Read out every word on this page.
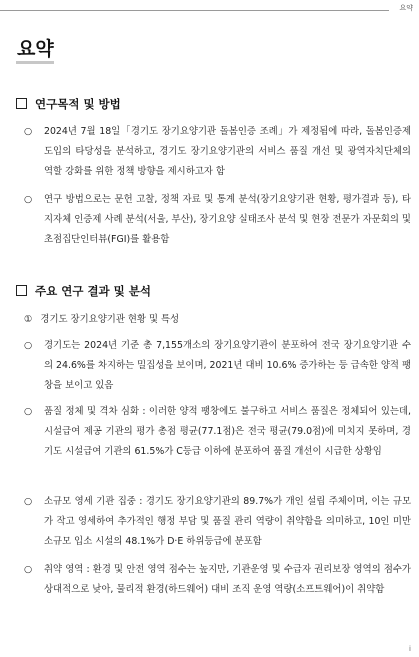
요약
요약
연구목적 및 방법
○	2024년 7월 18일「경기도 장기요양기관 돌봄인증 조례」가 제정됨에 따라, 돌봄인증제 도입의 타당성을 분석하고, 경기도 장기요양기관의 서비스 품질 개선 및 광역자치단체의 역할 강화를 위한 정책 방향을 제시하고자 함
○	연구 방법으로는 문헌 고찰, 정책 자료 및 통계 분석(장기요양기관 현황, 평가결과 등), 타 지자체 인증제 사례 분석(서울, 부산), 장기요양 실태조사 분석 및 현장 전문가 자문회의 및 초점집단인터뷰(FGI)를 활용함
주요 연구 결과 및 분석
① 경기도 장기요양기관 현황 및 특성
○	경기도는 2024년 기준 총 7,155개소의 장기요양기관이 분포하여 전국 장기요양기관 수의 24.6%를 차지하는 밀집성을 보이며, 2021년 대비 10.6% 증가하는 등 급속한 양적 팽창을 보이고 있음
○	품질 정체 및 격차 심화 : 이러한 양적 팽창에도 불구하고 서비스 품질은 정체되어 있는데, 시설급여 제공 기관의 평가 총점 평균(77.1점)은 전국 평균(79.0점)에 미치지 못하며, 경기도 시설급여 기관의 61.5%가 C등급 이하에 분포하여 품질 개선이 시급한 상황임
○	소규모 영세 기관 집중 : 경기도 장기요양기관의 89.7%가 개인 설립 주체이며, 이는 규모가 작고 영세하여 추가적인 행정 부담 및 품질 관리 역량이 취약함을 의미하고, 10인 미만 소규모 입소 시설의 48.1%가 D·E 하위등급에 분포함
○	취약 영역 : 환경 및 안전 영역 점수는 높지만, 기관운영 및 수급자 권리보장 영역의 점수가 상대적으로 낮아, 물리적 환경(하드웨어) 대비 조직 운영 역량(소프트웨어)이 취약함
i
